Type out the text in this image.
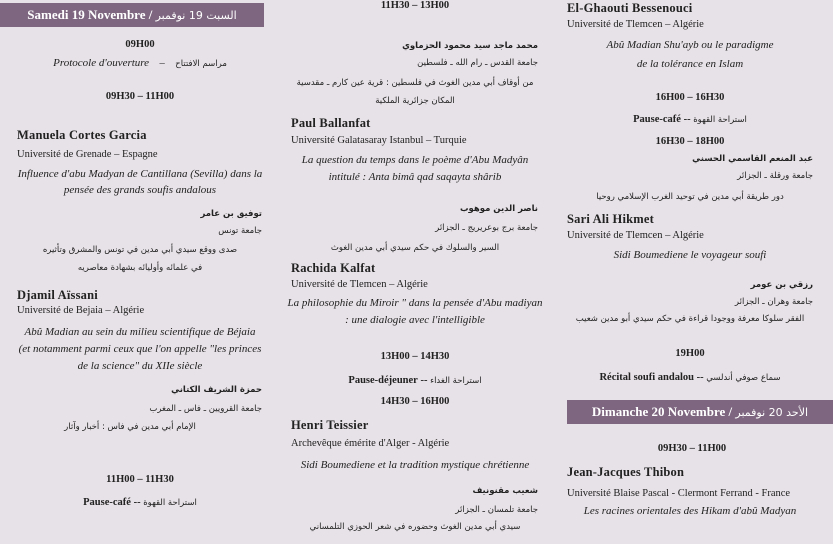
Samedi 19 Novembre / السبت 19 نوفمبر
09H00
Protocole d'ouverture – مراسم الافتتاح
09H30 – 11H00
Manuela Cortes Garcia
Université de Grenade – Espagne
Influence d'abu Madyan de Cantillana (Sevilla) dans la
pensée des grands soufis andalous
توفيق بن عامر
جامعة تونس
صدى ووقع سيدي أبي مدين في تونس والمشرق وتأثيره
في علمائه وأوليائه بشهادة معاصريه
Djamil Aïssani
Université de Bejaia – Algérie
Abû Madian au sein du milieu scientifique de Béjaia
(et notamment parmi ceux que l'on appelle "les princes
de la science" du XIIe siècle
حمزة الشريف الكتاني
جامعة القرويين ـ فاس ـ المغرب
الإمام أبي مدين في فاس : أخبار وآثار
11H00 – 11H30
Pause-café -- استراحة القهوة
11H30 – 13H00
محمد ماجد سيد محمود الحزماوي
جامعة القدس ـ رام الله ـ فلسطين
من أوقاف أبي مدين الغوث في فلسطين : قرية عين كارم ـ مقدسية
المكان جزائرية الملكية
Paul Ballanfat
Université Galatasaray Istanbul – Turquie
La question du temps dans le poème d'Abu Madyân
intitulé : Anta bimâ qad saqayta shârib
ناصر الدين موهوب
جامعة برج بوعريريج ـ الجزائر
السير والسلوك في حكم سيدي أبي مدين الغوث
Rachida Kalfat
Université de Tlemcen – Algérie
La philosophie du Miroir " dans la pensée d'Abu madiyan
: une dialogie avec l'intelligible
13H00 – 14H30
Pause-déjeuner -- استراحة الغداء
14H30 – 16H00
Henri Teissier
Archevêque émérite d'Alger - Algérie
Sidi Boumediene et la tradition mystique chrétienne
شعيب مقنونيف
جامعة تلمسان ـ الجزائر
سيدي أبي مدين الغوث وحضوره في شعر الحوزي التلمساني
El-Ghaouti Bessenouci
Université de Tlemcen – Algérie
Abû Madian Shu'ayb ou le paradigme
de la tolérance en Islam
16H00 – 16H30
Pause-café -- استراحة القهوة
16H30 – 18H00
عبد المنعم القاسمي الحسني
جامعة ورقلة ـ الجزائر
دور طريقة أبي مدين في توحيد الغرب الإسلامي روحيا
Sari Ali Hikmet
Université de Tlemcen – Algérie
Sidi Boumediene le voyageur soufi
رزقي بن عومر
جامعة وهران ـ الجزائر
الفقر سلوكا معرفة ووجودا قراءة في حكم سيدي أبو مدين شعيب
19H00
Récital soufi andalou -- سماع صوفي أندلسي
Dimanche 20 Novembre / الأحد 20 نوفمبر
09H30 – 11H00
Jean-Jacques Thibon
Université Blaise Pascal - Clermont Ferrand - France
Les racines orientales des Hikam d'abû Madyan
